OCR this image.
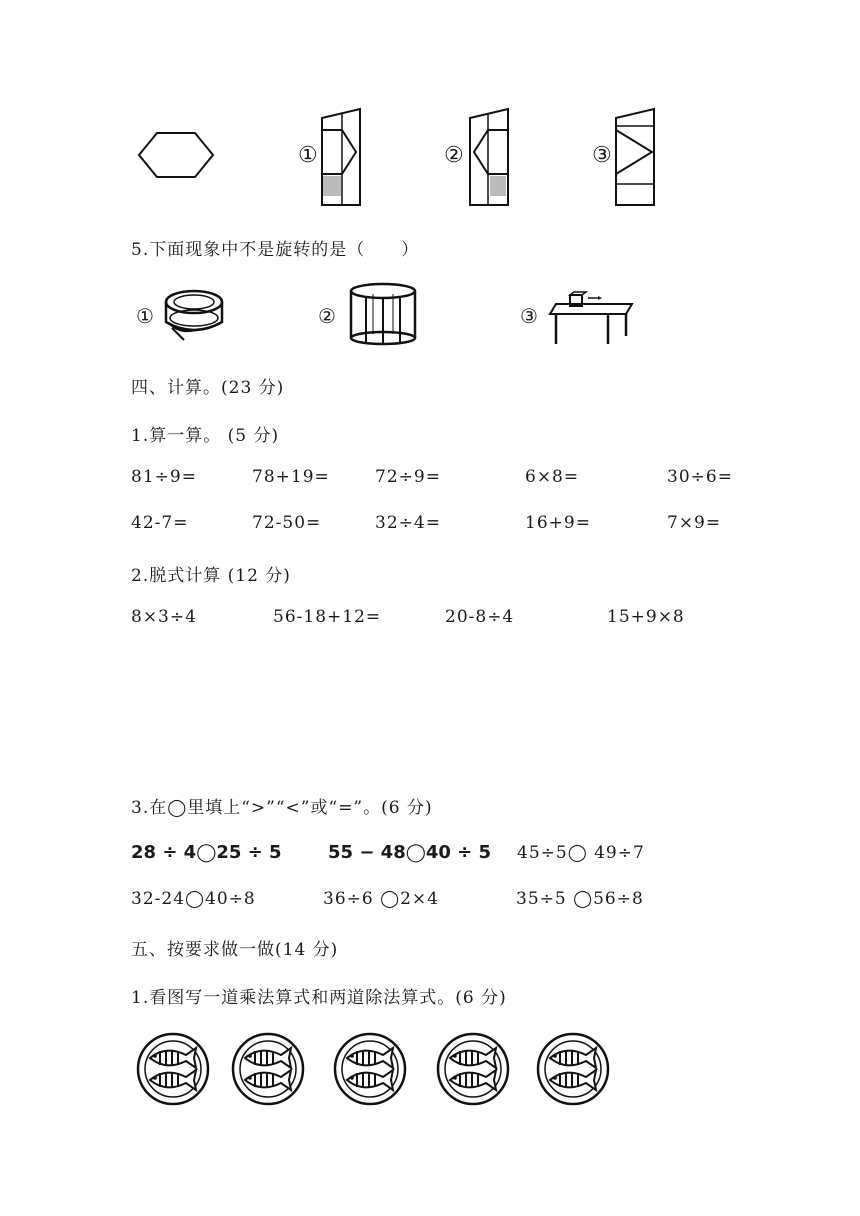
①	②	③
5.下面现象中不是旋转的是（　　）
①	②	③
四、计算。(23 分)
1.算一算。 (5 分)
81÷9=	78+19=	72÷9=	6×8=	30÷6=
42-7=	72-50=	32÷4=	16+9=	7×9=
2.脱式计算 (12 分)
8×3÷4	56-18+12=	20-8÷4	15+9×8
3.在◯里填上“>”“<”或“=”。(6 分)
28 ÷ 4◯25 ÷ 5	55 − 48◯40 ÷ 5 45÷5◯ 49÷7
32-24◯40÷8	36÷6 ◯2×4	35÷5 ◯56÷8
五、按要求做一做(14 分)
1.看图写一道乘法算式和两道除法算式。(6 分)
